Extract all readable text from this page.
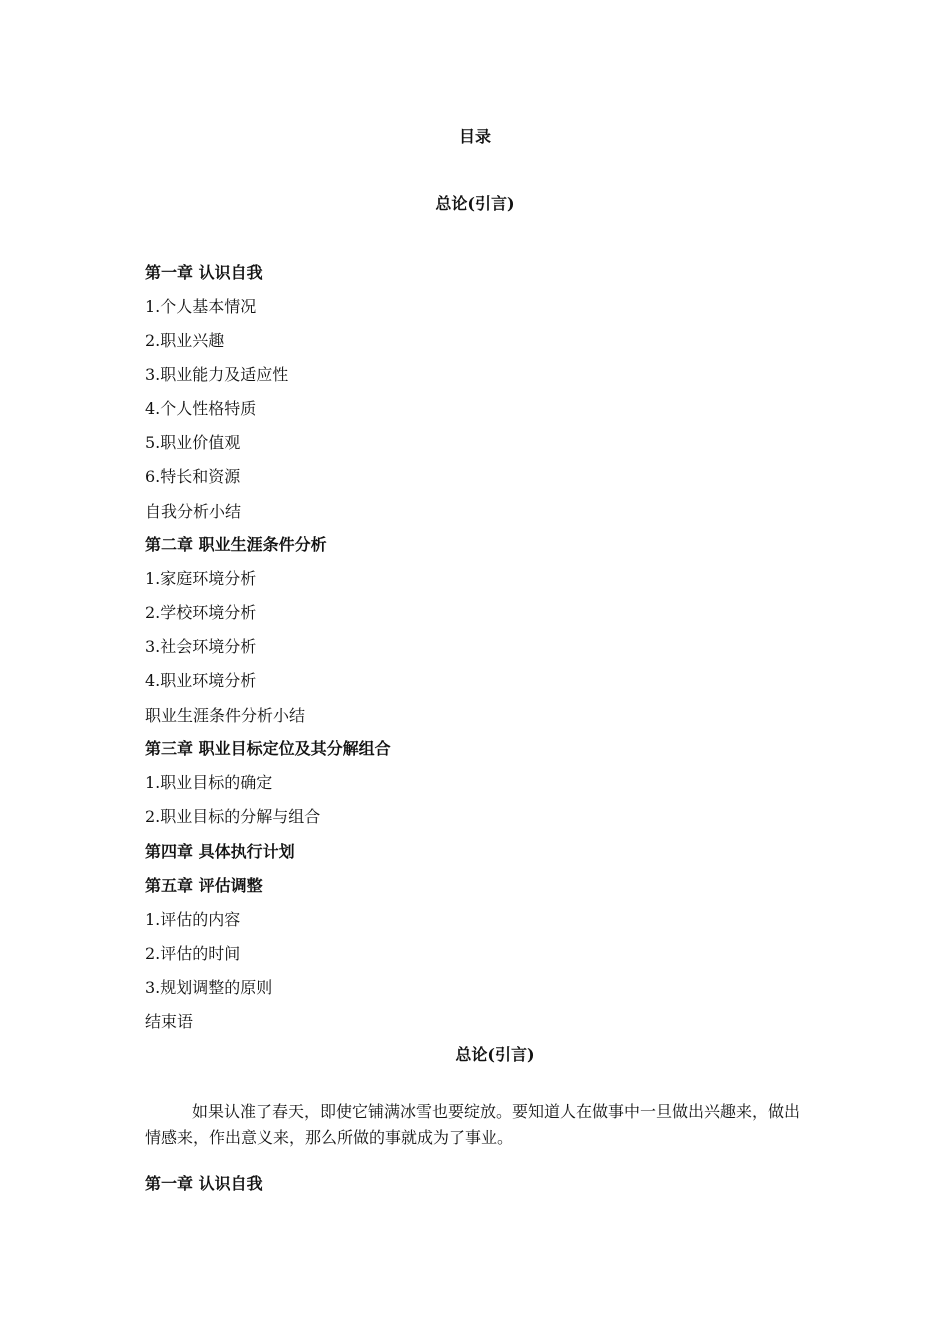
目录
总论(引言)
第一章 认识自我
1.个人基本情况
2.职业兴趣
3.职业能力及适应性
4.个人性格特质
5.职业价值观
6.特长和资源
自我分析小结
第二章 职业生涯条件分析
1.家庭环境分析
2.学校环境分析
3.社会环境分析
4.职业环境分析
职业生涯条件分析小结
第三章 职业目标定位及其分解组合
1.职业目标的确定
2.职业目标的分解与组合
第四章 具体执行计划
第五章 评估调整
1.评估的内容
2.评估的时间
3.规划调整的原则
结束语
总论(引言)
如果认准了春天，即使它铺满冰雪也要绽放。要知道人在做事中一旦做出兴趣来，做出情感来，作出意义来，那么所做的事就成为了事业。
第一章 认识自我
